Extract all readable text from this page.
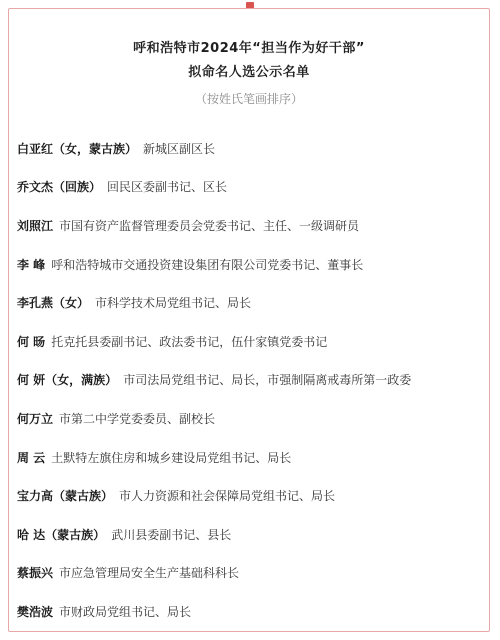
呼和浩特市2024年“担当作为好干部”
拟命名人选公示名单
（按姓氏笔画排序）
白亚红（女，蒙古族） 新城区副区长
乔文杰（回族） 回民区委副书记、区长
刘照江 市国有资产监督管理委员会党委书记、主任、一级调研员
李 峰 呼和浩特城市交通投资建设集团有限公司党委书记、董事长
李孔燕（女） 市科学技术局党组书记、局长
何 旸 托克托县委副书记、政法委书记，伍什家镇党委书记
何 妍（女，满族） 市司法局党组书记、局长，市强制隔离戒毒所第一政委
何万立 市第二中学党委委员、副校长
周 云 土默特左旗住房和城乡建设局党组书记、局长
宝力高（蒙古族） 市人力资源和社会保障局党组书记、局长
哈 达（蒙古族） 武川县委副书记、县长
蔡振兴 市应急管理局安全生产基础科科长
樊浩波 市财政局党组书记、局长
